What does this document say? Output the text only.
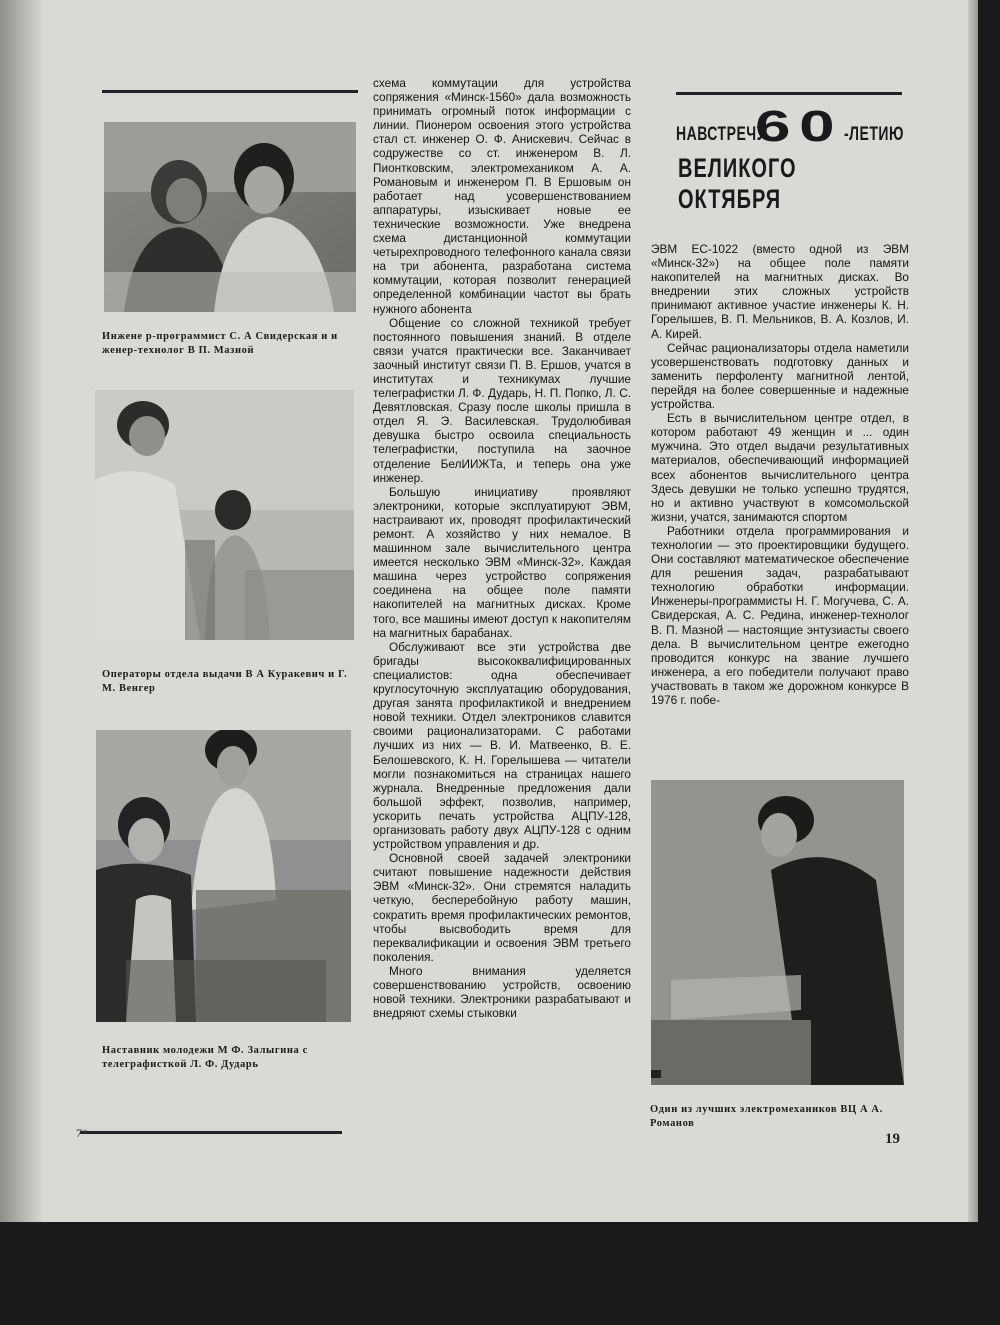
Инжене р-программист С. А Свидерская и и женер-технолог В П. Мазной
Операторы отдела выдачи В А Куракевич и Г. М. Венгер
Наставник молодежи М Ф. Залыгина с телеграфисткой Л. Ф. Дударь
7*

схема коммутации для устройства сопряжения «Минск-1560» дала возможность принимать огромный поток информации с линии. Пионером освоения этого устройства стал ст. инженер О. Ф. Анискевич. Сейчас в содружестве со ст. инженером В. Л. Пионтковским, электромехаником А. А. Романовым и инженером П. В Ершовым он работает над усовершенствованием аппаратуры, изыскивает новые ее технические возможности. Уже внедрена схема дистанционной коммутации четырехпроводного телефонного канала связи на три абонента, разработана система коммутации, которая позволит генерацией определенной комбинации частот вы брать нужного абонента

Общение со сложной техникой требует постоянного повышения знаний. В отделе связи учатся практически все. Заканчивает заочный институт связи П. В. Ершов, учатся в институтах и техникумах лучшие телеграфистки Л. Ф. Дударь, Н. П. Попко, Л. С. Девятловская. Сразу после школы пришла в отдел Я. Э. Василевская. Трудолюбивая девушка быстро освоила специальность телеграфистки, поступила на заочное отделение БелИИЖТа, и теперь она уже инженер.

Большую инициативу проявляют электроники, которые эксплуатируют ЭВМ, настраивают их, проводят профилактический ремонт. А хозяйство у них немалое. В машинном зале вычислительного центра имеется несколько ЭВМ «Минск-32». Каждая машина через устройство сопряжения соединена на общее поле памяти накопителей на магнитных дисках. Кроме того, все машины имеют доступ к накопителям на магнитных барабанах.

Обслуживают все эти устройства две бригады высококвалифицированных специалистов: одна обеспечивает круглосуточную эксплуатацию оборудования, другая занята профилактикой и внедрением новой техники. Отдел электроников славится своими рационализаторами. С работами лучших из них — В. И. Матвеенко, В. Е. Белошевского, К. Н. Горелышева — читатели могли познакомиться на страницах нашего журнала. Внедренные предложения дали большой эффект, позволив, например, ускорить печать устройства АЦПУ-128, организовать работу двух АЦПУ-128 с одним устройством управления и др.

Основной своей задачей электроники считают повышение надежности действия ЭВМ «Минск-32». Они стремятся наладить четкую, бесперебойную работу машин, сократить время профилактических ремонтов, чтобы высвободить время для переквалификации и освоения ЭВМ третьего поколения.

Много внимания уделяется совершенствованию устройств, освоению новой техники. Электроники разрабатывают и внедряют схемы стыковки

НАВСТРЕЧУ
60 -ЛЕТИЮ
ВЕЛИКОГО ОКТЯБРЯ

ЭВМ ЕС-1022 (вместо одной из ЭВМ «Минск-32») на общее поле памяти накопителей на магнитных дисках. Во внедрении этих сложных устройств принимают активное участие инженеры К. Н. Горелышев, В. П. Мельников, В. А. Козлов, И. А. Кирей.

Сейчас рационализаторы отдела наметили усовершенствовать подготовку данных и заменить перфоленту магнитной лентой, перейдя на более совершенные и надежные устройства.

Есть в вычислительном центре отдел, в котором работают 49 женщин и ... один мужчина. Это отдел выдачи результативных материалов, обеспечивающий информацией всех абонентов вычислительного центра Здесь девушки не только успешно трудятся, но и активно участвуют в комсомольской жизни, учатся, занимаются спортом

Работники отдела программирования и технологии — это проектировщики будущего. Они составляют математическое обеспечение для решения задач, разрабатывают технологию обработки информации. Инженеры-программисты Н. Г. Могучева, С. А. Свидерская, А. С. Редина, инженер-технолог В. П. Мазной — настоящие энтузиасты своего дела. В вычислительном центре ежегодно проводится конкурс на звание лучшего инженера, а его победители получают право участвовать в таком же дорожном конкурсе В 1976 г. побе-

Один из лучших электромехаников ВЦ А А. Романов
19
